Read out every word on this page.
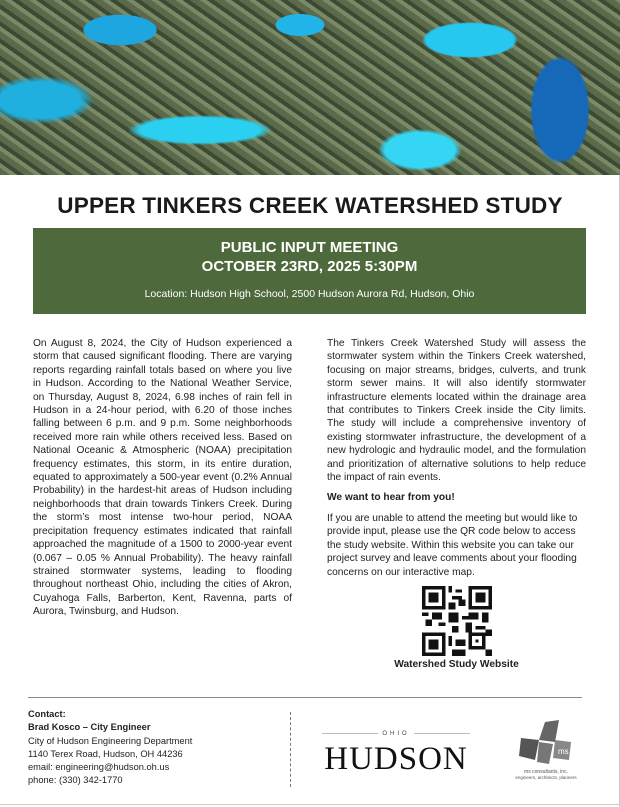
UPPER TINKERS CREEK WATERSHED STUDY
PUBLIC INPUT MEETING
OCTOBER 23RD, 2025 5:30PM
Location: Hudson High School, 2500 Hudson Aurora Rd, Hudson, Ohio

On August 8, 2024, the City of Hudson experienced a storm that caused significant flooding. There are varying reports regarding rainfall totals based on where you live in Hudson. According to the National Weather Service, on Thursday, August 8, 2024, 6.98 inches of rain fell in Hudson in a 24-hour period, with 6.20 of those inches falling between 6 p.m. and 9 p.m. Some neighborhoods received more rain while others received less. Based on National Oceanic & Atmospheric (NOAA) precipitation frequency estimates, this storm, in its entire duration, equated to approximately a 500-year event (0.2% Annual Probability) in the hardest-hit areas of Hudson including neighborhoods that drain towards Tinkers Creek. During the storm’s most intense two-hour period, NOAA precipitation frequency estimates indicated that rainfall approached the magnitude of a 1500 to 2000-year event (0.067 – 0.05 % Annual Probability). The heavy rainfall strained stormwater systems, leading to flooding throughout northeast Ohio, including the cities of Akron, Cuyahoga Falls, Barberton, Kent, Ravenna, parts of Aurora, Twinsburg, and Hudson.

The Tinkers Creek Watershed Study will assess the stormwater system within the Tinkers Creek watershed, focusing on major streams, bridges, culverts, and trunk storm sewer mains. It will also identify stormwater infrastructure elements located within the drainage area that contributes to Tinkers Creek inside the City limits. The study will include a comprehensive inventory of existing stormwater infrastructure, the development of a new hydrologic and hydraulic model, and the formulation and prioritization of alternative solutions to help reduce the impact of rain events.

We want to hear from you!

If you are unable to attend the meeting but would like to provide input, please use the QR code below to access the study website. Within this website you can take our project survey and leave comments about your flooding concerns on our interactive map.

Watershed Study Website
Contact:
Brad Kosco – City Engineer
City of Hudson Engineering Department
1140 Terex Road, Hudson, OH 44236
email: engineering@hudson.oh.us
phone: (330) 342-1770
OHIO
HUDSON	ms
ms consultants, inc.
engineers, architects, planners
